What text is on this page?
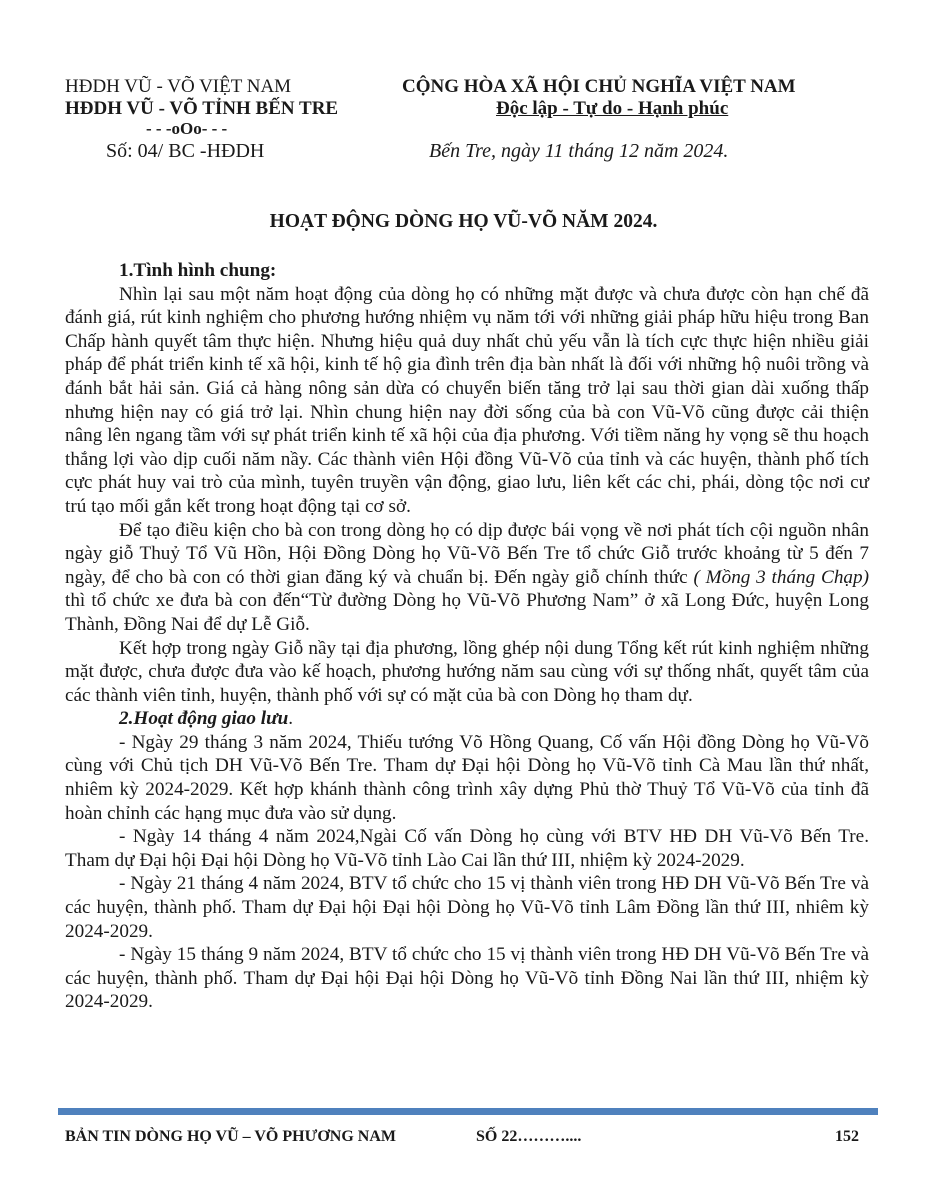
HĐDH VŨ - VÕ VIỆT NAM
HĐDH VŨ - VÕ TỈNH BẾN TRE
- - -oOo- - -
Số: 04/ BC -HĐDH
CỘNG HÒA XÃ HỘI CHỦ NGHĨA VIỆT NAM
Độc lập - Tự do - Hạnh phúc
Bến Tre, ngày 11 tháng 12 năm 2024.
HOẠT ĐỘNG DÒNG HỌ VŨ-VÕ NĂM 2024.

1.Tình hình chung:

Nhìn lại sau một năm hoạt động của dòng họ có những mặt được và chưa được còn hạn chế đã đánh giá, rút kinh nghiệm cho phương hướng nhiệm vụ năm tới với những giải pháp hữu hiệu trong Ban Chấp hành quyết tâm thực hiện. Nhưng hiệu quả duy nhất chủ yếu vẫn là tích cực thực hiện nhiều giải pháp để phát triển kinh tế xã hội, kinh tế hộ gia đình trên địa bàn nhất là đối với những hộ nuôi trồng và đánh bắt hải sản. Giá cả hàng nông sản dừa có chuyển biến tăng trở lại sau thời gian dài xuống thấp nhưng hiện nay có giá trở lại. Nhìn chung hiện nay đời sống của bà con Vũ-Võ cũng được cải thiện nâng lên ngang tầm với sự phát triển kinh tế xã hội của địa phương. Với tiềm năng hy vọng sẽ thu hoạch thắng lợi vào dịp cuối năm nầy. Các thành viên Hội đồng Vũ-Võ của tỉnh và các huyện, thành phố tích cực phát huy vai trò của mình, tuyên truyền vận động, giao lưu, liên kết các chi, phái, dòng tộc nơi cư trú tạo mối gắn kết trong hoạt động tại cơ sở.

Để tạo điều kiện cho bà con trong dòng họ có dịp được bái vọng về nơi phát tích cội nguồn nhân ngày giỗ Thuỷ Tổ Vũ Hồn, Hội Đồng Dòng họ Vũ-Võ Bến Tre tổ chức Giỗ trước khoảng từ 5 đến 7 ngày, để cho bà con có thời gian đăng ký và chuẩn bị. Đến ngày giỗ chính thức ( Mồng 3 tháng Chạp) thì tổ chức xe đưa bà con đến“Từ đường Dòng họ Vũ-Võ Phương Nam” ở xã Long Đức, huyện Long Thành, Đồng Nai để dự Lễ Giỗ.

Kết hợp trong ngày Giỗ nầy tại địa phương, lồng ghép nội dung Tổng kết rút kinh nghiệm những mặt được, chưa được đưa vào kế hoạch, phương hướng năm sau cùng với sự thống nhất, quyết tâm của các thành viên tỉnh, huyện, thành phố với sự có mặt của bà con Dòng họ tham dự.

2.Hoạt động giao lưu.

- Ngày 29 tháng 3 năm 2024, Thiếu tướng Võ Hồng Quang, Cố vấn Hội đồng Dòng họ Vũ-Võ cùng với Chủ tịch DH Vũ-Võ Bến Tre. Tham dự Đại hội Dòng họ Vũ-Võ tỉnh Cà Mau lần thứ nhất, nhiêm kỳ 2024-2029. Kết hợp khánh thành công trình xây dựng Phủ thờ Thuỷ Tổ Vũ-Võ của tỉnh đã hoàn chỉnh các hạng mục đưa vào sử dụng.

- Ngày 14 tháng 4 năm 2024,Ngài Cố vấn Dòng họ cùng với BTV HĐ DH Vũ-Võ Bến Tre. Tham dự Đại hội Đại hội Dòng họ Vũ-Võ tỉnh Lào Cai lần thứ III, nhiệm kỳ 2024-2029.

- Ngày 21 tháng 4 năm 2024, BTV tổ chức cho 15 vị thành viên trong HĐ DH Vũ-Võ Bến Tre và các huyện, thành phố. Tham dự Đại hội Đại hội Dòng họ Vũ-Võ tỉnh Lâm Đồng lần thứ III, nhiêm kỳ 2024-2029.

- Ngày 15 tháng 9 năm 2024, BTV tổ chức cho 15 vị thành viên trong HĐ DH Vũ-Võ Bến Tre và các huyện, thành phố. Tham dự Đại hội Đại hội Dòng họ Vũ-Võ tỉnh Đồng Nai lần thứ III, nhiệm kỳ 2024-2029.

BẢN TIN DÒNG HỌ VŨ – VÕ PHƯƠNG NAM	SỐ 22………....	152
